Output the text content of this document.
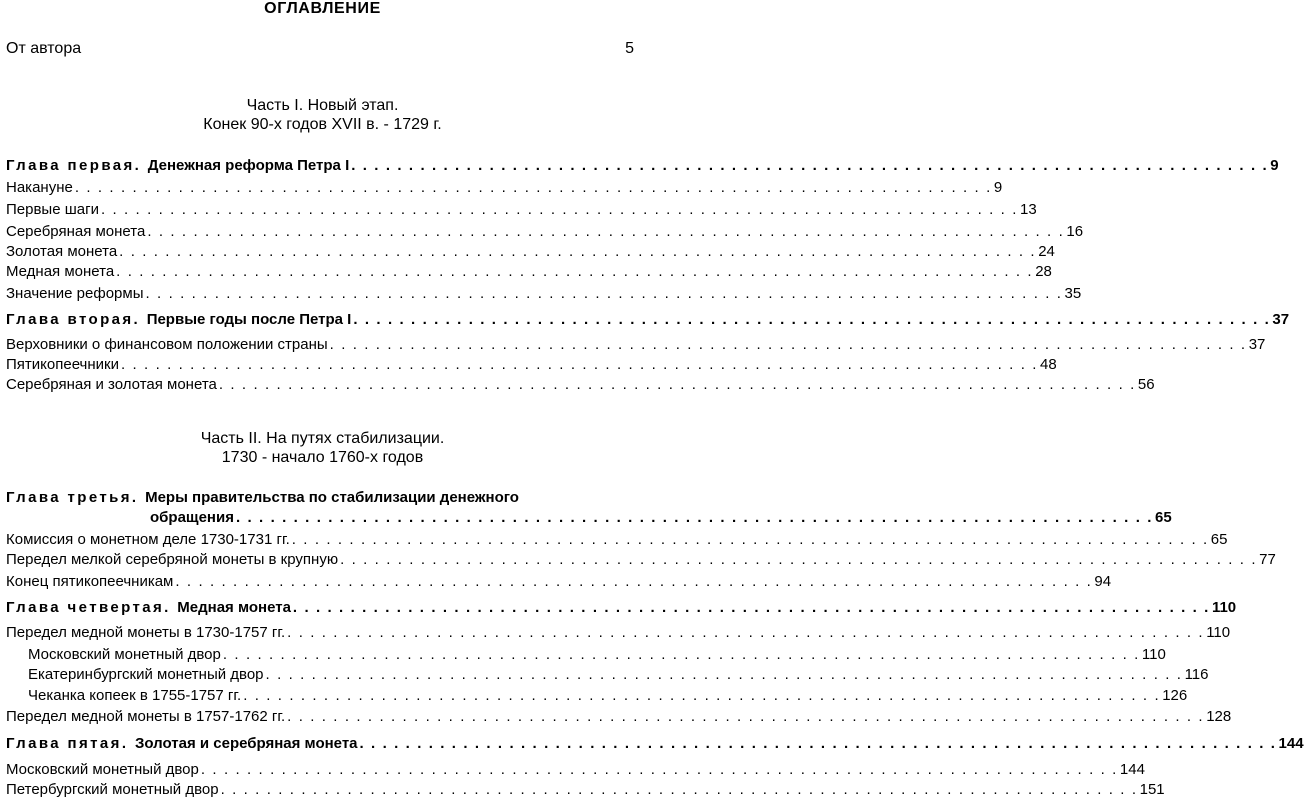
ОГЛАВЛЕНИЕ
От автора	5
Часть I. Новый этап.
Конек 90-х годов XVII в. - 1729 г.
Часть II. На путях стабилизации.
1730 - начало 1760-х годов
Глава первая. Денежная реформа Петра I . . . . . . . . . . . . . . . . . . . . . . . . . . . . . . . . . . . . . . . . . . . . . . . . . . . . . . . . . . . . . . . . . . . . . . . . . . . . . . . . 9
Накануне . . . . . . . . . . . . . . . . . . . . . . . . . . . . . . . . . . . . . . . . . . . . . . . . . . . . . . . . . . . . . . . . . . . . . . . . . . . . . . . . 9
Первые шаги . . . . . . . . . . . . . . . . . . . . . . . . . . . . . . . . . . . . . . . . . . . . . . . . . . . . . . . . . . . . . . . . . . . . . . . . . . . . . . . . 13
Серебряная монета . . . . . . . . . . . . . . . . . . . . . . . . . . . . . . . . . . . . . . . . . . . . . . . . . . . . . . . . . . . . . . . . . . . . . . . . . . . . . . . . 16
Золотая монета . . . . . . . . . . . . . . . . . . . . . . . . . . . . . . . . . . . . . . . . . . . . . . . . . . . . . . . . . . . . . . . . . . . . . . . . . . . . . . . . 24
Медная монета . . . . . . . . . . . . . . . . . . . . . . . . . . . . . . . . . . . . . . . . . . . . . . . . . . . . . . . . . . . . . . . . . . . . . . . . . . . . . . . . 28
Значение реформы . . . . . . . . . . . . . . . . . . . . . . . . . . . . . . . . . . . . . . . . . . . . . . . . . . . . . . . . . . . . . . . . . . . . . . . . . . . . . . . . 35
Глава вторая. Первые годы после Петра I . . . . . . . . . . . . . . . . . . . . . . . . . . . . . . . . . . . . . . . . . . . . . . . . . . . . . . . . . . . . . . . . . . . . . . . . . . . . . . . . 37
Верховники о финансовом положении страны . . . . . . . . . . . . . . . . . . . . . . . . . . . . . . . . . . . . . . . . . . . . . . . . . . . . . . . . . . . . . . . . . . . . . . . . . . . . . . . . 37
Пятикопеечники . . . . . . . . . . . . . . . . . . . . . . . . . . . . . . . . . . . . . . . . . . . . . . . . . . . . . . . . . . . . . . . . . . . . . . . . . . . . . . . . 48
Серебряная и золотая монета . . . . . . . . . . . . . . . . . . . . . . . . . . . . . . . . . . . . . . . . . . . . . . . . . . . . . . . . . . . . . . . . . . . . . . . . . . . . . . . . 56
Глава третья. Меры правительства по стабилизации денежного
обращения . . . . . . . . . . . . . . . . . . . . . . . . . . . . . . . . . . . . . . . . . . . . . . . . . . . . . . . . . . . . . . . . . . . . . . . . . . . . . . . . 65
Комиссия о монетном деле 1730-1731 гг. . . . . . . . . . . . . . . . . . . . . . . . . . . . . . . . . . . . . . . . . . . . . . . . . . . . . . . . . . . . . . . . . . . . . . . . . . . . . . . . . 65
Передел мелкой серебряной монеты в крупную . . . . . . . . . . . . . . . . . . . . . . . . . . . . . . . . . . . . . . . . . . . . . . . . . . . . . . . . . . . . . . . . . . . . . . . . . . . . . . . . 77
Конец пятикопеечникам . . . . . . . . . . . . . . . . . . . . . . . . . . . . . . . . . . . . . . . . . . . . . . . . . . . . . . . . . . . . . . . . . . . . . . . . . . . . . . . . 94
Глава четвертая. Медная монета . . . . . . . . . . . . . . . . . . . . . . . . . . . . . . . . . . . . . . . . . . . . . . . . . . . . . . . . . . . . . . . . . . . . . . . . . . . . . . . . 110
Передел медной монеты в 1730-1757 гг. . . . . . . . . . . . . . . . . . . . . . . . . . . . . . . . . . . . . . . . . . . . . . . . . . . . . . . . . . . . . . . . . . . . . . . . . . . . . . . . . 110
Московский монетный двор . . . . . . . . . . . . . . . . . . . . . . . . . . . . . . . . . . . . . . . . . . . . . . . . . . . . . . . . . . . . . . . . . . . . . . . . . . . . . . . . 110
Екатеринбургский монетный двор . . . . . . . . . . . . . . . . . . . . . . . . . . . . . . . . . . . . . . . . . . . . . . . . . . . . . . . . . . . . . . . . . . . . . . . . . . . . . . . . 116
Чеканка копеек в 1755-1757 гг. . . . . . . . . . . . . . . . . . . . . . . . . . . . . . . . . . . . . . . . . . . . . . . . . . . . . . . . . . . . . . . . . . . . . . . . . . . . . . . . . 126
Передел медной монеты в 1757-1762 гг. . . . . . . . . . . . . . . . . . . . . . . . . . . . . . . . . . . . . . . . . . . . . . . . . . . . . . . . . . . . . . . . . . . . . . . . . . . . . . . . . 128
Глава пятая. Золотая и серебряная монета . . . . . . . . . . . . . . . . . . . . . . . . . . . . . . . . . . . . . . . . . . . . . . . . . . . . . . . . . . . . . . . . . . . . . . . . . . . . . . . . 144
Московский монетный двор . . . . . . . . . . . . . . . . . . . . . . . . . . . . . . . . . . . . . . . . . . . . . . . . . . . . . . . . . . . . . . . . . . . . . . . . . . . . . . . . 144
Петербургский монетный двор . . . . . . . . . . . . . . . . . . . . . . . . . . . . . . . . . . . . . . . . . . . . . . . . . . . . . . . . . . . . . . . . . . . . . . . . . . . . . . . . 151
